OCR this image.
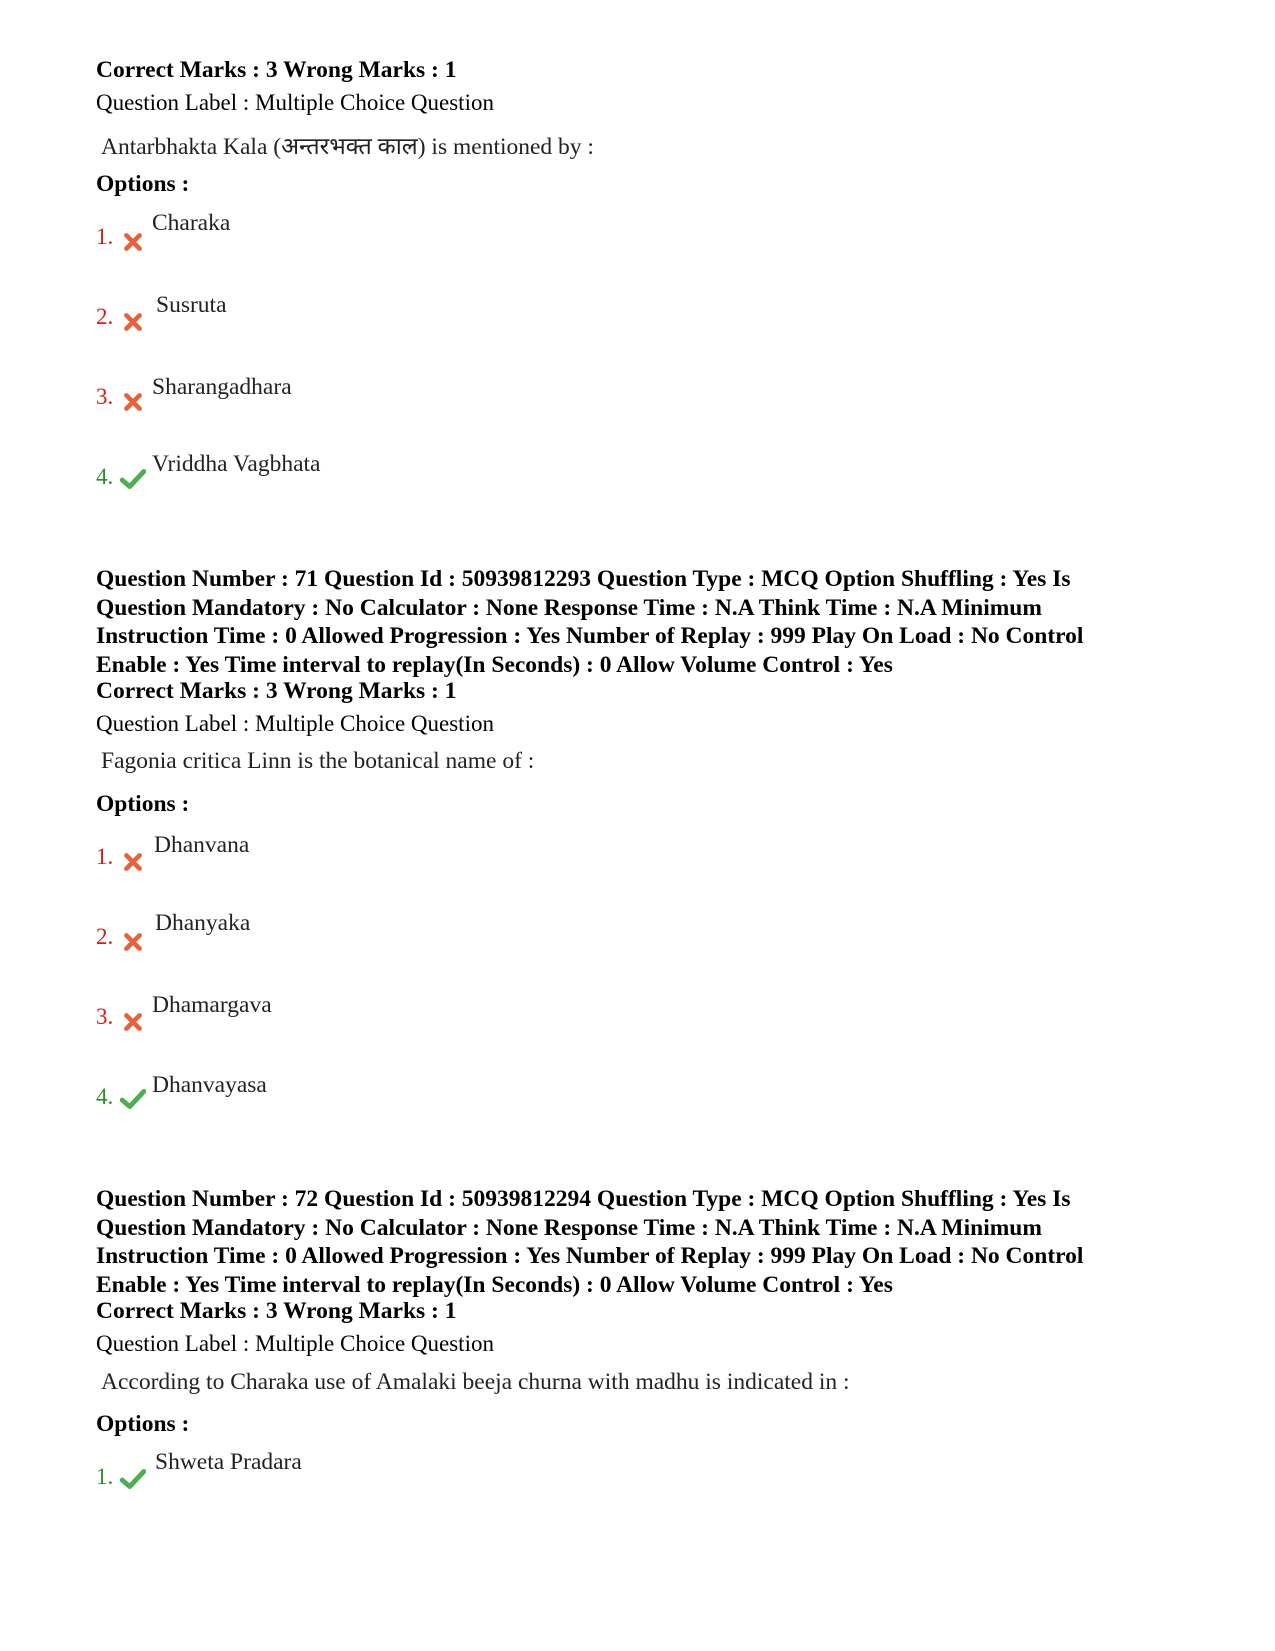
Correct Marks : 3 Wrong Marks : 1
Question Label : Multiple Choice Question
Antarbhakta Kala (अन्तरभक्त काल) is mentioned by :
Options :
1.
Charaka
2. Susruta
3. Sharangadhara
4. Vriddha Vagbhata
Question Number : 71 Question Id : 50939812293 Question Type : MCQ Option Shuffling : Yes Is
Question Mandatory : No Calculator : None Response Time : N.A Think Time : N.A Minimum
Instruction Time : 0 Allowed Progression : Yes Number of Replay : 999 Play On Load : No Control
Enable : Yes Time interval to replay(In Seconds) : 0 Allow Volume Control : Yes
Correct Marks : 3 Wrong Marks : 1
Question Label : Multiple Choice Question
Fagonia critica Linn is the botanical name of :
Options :
1. Dhanvana
2.
Dhanyaka
3. Dhamargava
4. Dhanvayasa
Question Number : 72 Question Id : 50939812294 Question Type : MCQ Option Shuffling : Yes Is
Question Mandatory : No Calculator : None Response Time : N.A Think Time : N.A Minimum
Instruction Time : 0 Allowed Progression : Yes Number of Replay : 999 Play On Load : No Control
Enable : Yes Time interval to replay(In Seconds) : 0 Allow Volume Control : Yes
Correct Marks : 3 Wrong Marks : 1
Question Label : Multiple Choice Question
According to Charaka use of Amalaki beeja churna with madhu is indicated in :
Options :
1.
Shweta Pradara
